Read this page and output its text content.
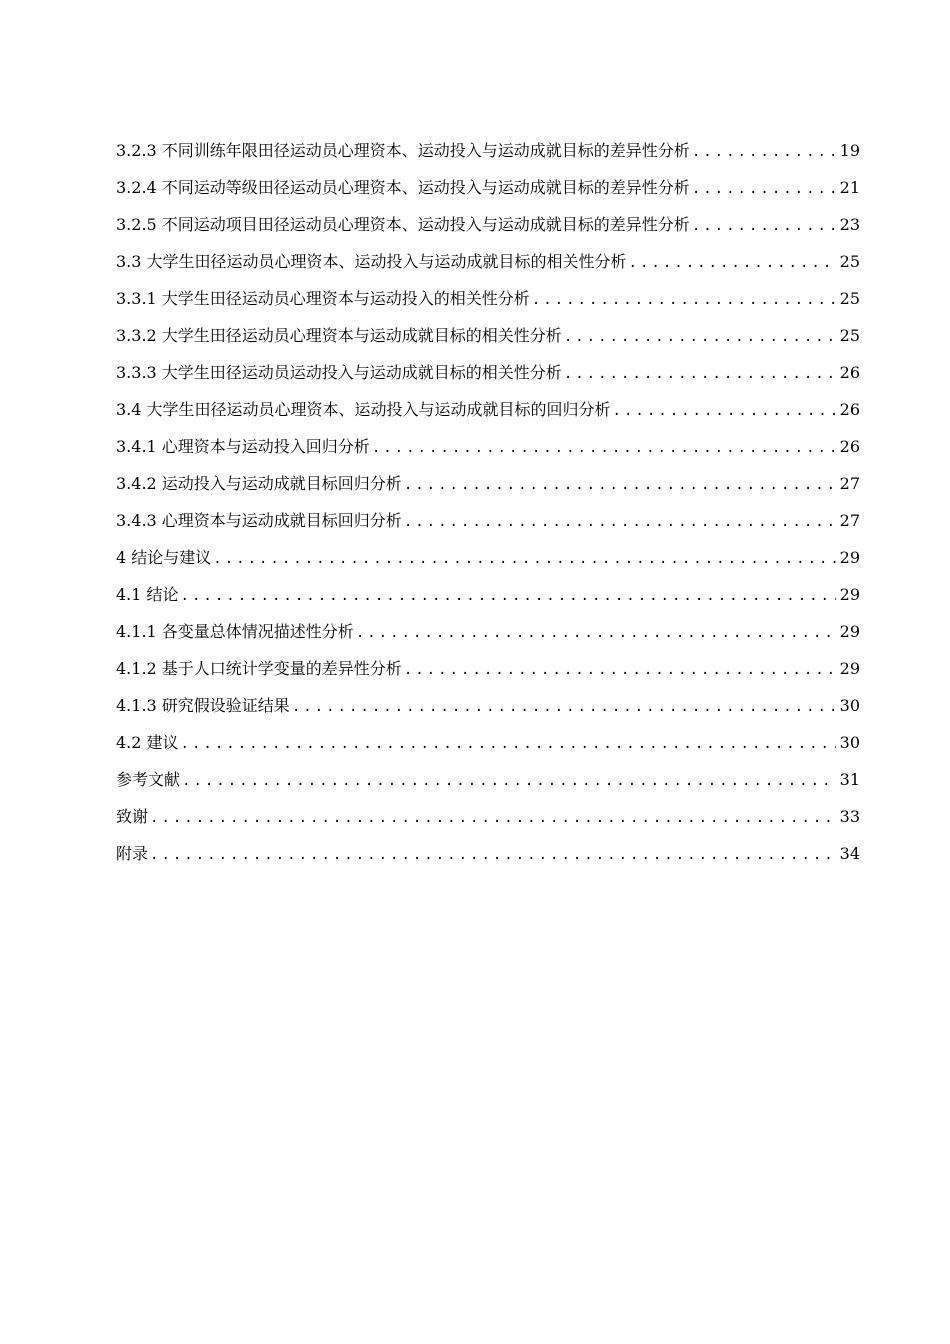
3.2.3 不同训练年限田径运动员心理资本、运动投入与运动成就目标的差异性分析 .....	19
3.2.4 不同运动等级田径运动员心理资本、运动投入与运动成就目标的差异性分析 .....	21
3.2.5 不同运动项目田径运动员心理资本、运动投入与运动成就目标的差异性分析 .....	23
3.3 大学生田径运动员心理资本、运动投入与运动成就目标的相关性分析 .....	25
3.3.1 大学生田径运动员心理资本与运动投入的相关性分析 .....	25
3.3.2 大学生田径运动员心理资本与运动成就目标的相关性分析 .....	25
3.3.3 大学生田径运动员运动投入与运动成就目标的相关性分析 .....	26
3.4 大学生田径运动员心理资本、运动投入与运动成就目标的回归分析 .....	26
3.4.1 心理资本与运动投入回归分析 .....	26
3.4.2 运动投入与运动成就目标回归分析 .....	27
3.4.3 心理资本与运动成就目标回归分析 .....	27
4 结论与建议 .....	29
4.1 结论 .....	29
4.1.1 各变量总体情况描述性分析 .....	29
4.1.2 基于人口统计学变量的差异性分析 .....	29
4.1.3 研究假设验证结果 .....	30
4.2 建议 .....	30
参考文献 .....	31
致谢 .....	33
附录 .....	34
